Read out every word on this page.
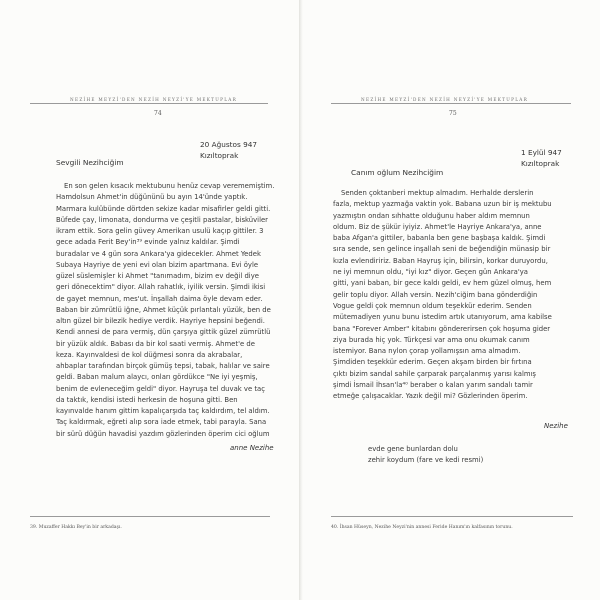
NEZİHE MEYZİ'DEN NEZİH NEYZİ'YE MEKTUPLAR
74
20 Ağustos 947
Kızıltoprak
Sevgili Nezihciğim
En son gelen kısacık mektubunu henüz cevap verememiştim.
Hamdolsun Ahmet'in düğününü bu ayın 14'ünde yaptık.
Marmara kulübünde dörtden sekize kadar misafirler geldi gitti.
Büfede çay, limonata, dondurma ve çeşitli pastalar, bisküviler
ikram ettik. Sora gelin güvey Amerikan usulü kaçıp gittiler. 3
gece adada Ferit Bey'in³⁹ evinde yalnız kaldılar. Şimdi
buradalar ve 4 gün sora Ankara'ya gidecekler. Ahmet Yedek
Subaya Hayriye de yeni evi olan bizim apartmana. Evi öyle
güzel süslemişler ki Ahmet "tanımadım, bizim ev değil diye
geri dönecektim" diyor. Allah rahatlık, iyilik versin. Şimdi ikisi
de gayet memnun, mes'ut. İnşallah daima öyle devam eder.
Baban bir zümrütlü iğne, Ahmet küçük pırlantalı yüzük, ben de
altın güzel bir bilezik hediye verdik. Hayriye hepsini beğendi.
Kendi annesi de para vermiş, dün çarşıya gittik güzel zümrütlü
bir yüzük aldık. Babası da bir kol saati vermiş. Ahmet'e de
keza. Kayınvaldesi de kol düğmesi sonra da akrabalar,
ahbaplar tarafından birçok gümüş tepsi, tabak, halılar ve saire
geldi. Baban malum alaycı, onları gördükce "Ne iyi yeşmiş,
benim de evleneceğim geldi" diyor. Hayruşa tel duvak ve taç
da taktık, kendisi istedi herkesin de hoşuna gitti. Ben
kayınvalde hanım gittim kapalıçarşıda taç kaldırdım, tel aldım.
Taç kaldırmak, eğreti alıp sora iade etmek, tabi parayla. Sana
bir sürü düğün havadisi yazdım gözlerinden öperim cici oğlum
anne Nezihe
39. Muzaffer Hakkı Bey'in bir arkadaşı.
NEZİHE MEYZİ'DEN NEZİH NEYZİ'YE MEKTUPLAR
75
1 Eylül 947
Kızıltoprak
Canım oğlum Nezihciğim
Senden çoktanberi mektup almadım. Herhalde derslerin
fazla, mektup yazmağa vaktin yok. Babana uzun bir iş mektubu
yazmıştın ondan sıhhatte olduğunu haber aldım memnun
oldum. Biz de şükür iyiyiz. Ahmet'le Hayriye Ankara'ya, anne
baba Afgan'a gittiler, babanla ben gene başbaşa kaldık. Şimdi
sıra sende, sen gelince inşallah seni de beğendiğin münasip bir
kızla evlendiririz. Baban Hayruş için, bilirsin, korkar duruyordu,
ne iyi memnun oldu, "iyi kız" diyor. Geçen gün Ankara'ya
gitti, yani baban, bir gece kaldı geldi, ev hem güzel olmuş, hem
gelir toplu diyor. Allah versin. Nezih'ciğim bana gönderdiğin
Vogue geldi çok memnun oldum teşekkür ederim. Senden
mütemadiyen yunu bunu istedim artık utanıyorum, ama kabilse
bana "Forever Amber" kitabını göndererirsen çok hoşuma gider
ziya burada hiç yok. Türkçesi var ama onu okumak canım
istemiyor. Bana nylon çorap yollamışsın ama almadım.
Şimdiden teşekkür ederim. Geçen akşam birden bir fırtına
çıktı bizim sandal sahile çarparak parçalanmış yarısı kalmış
şimdi İsmail İhsan'la⁴⁰ beraber o kalan yarım sandalı tamir
etmeğe çalışacaklar. Yazık değil mi? Gözlerinden öperim.
Nezihe
evde gene bunlardan dolu
zehir koydum (fare ve kedi resmi)
40. İhsan Hüseyn, Nezihe Neyzi'nin annesi Feride Hanım'ın kalfasının torunu.
